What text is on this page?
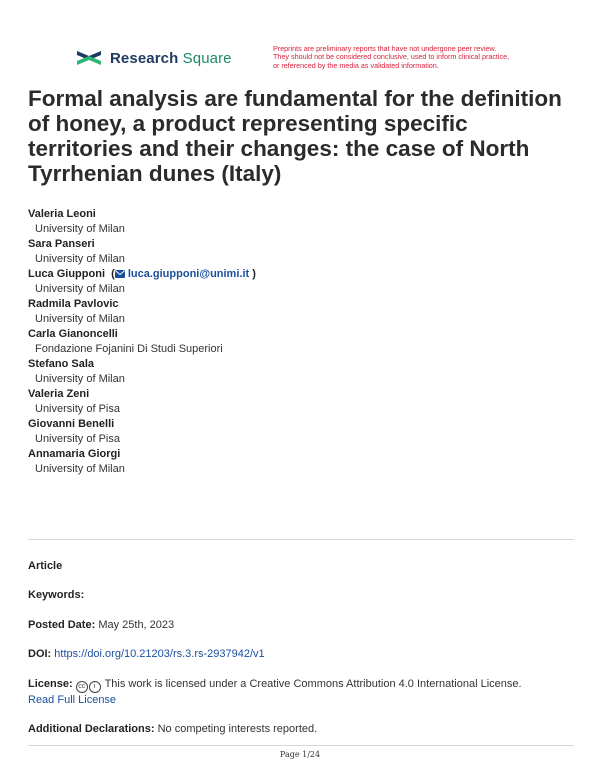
Research Square
Preprints are preliminary reports that have not undergone peer review.
They should not be considered conclusive, used to inform clinical practice,
or referenced by the media as validated information.
Formal analysis are fundamental for the definition of honey, a product representing specific territories and their changes: the case of North Tyrrhenian dunes (Italy)
Valeria Leoni
University of Milan
Sara Panseri
University of Milan
Luca Giupponi  ( luca.giupponi@unimi.it )
University of Milan
Radmila Pavlovic
University of Milan
Carla Gianoncelli
Fondazione Fojanini Di Studi Superiori
Stefano Sala
University of Milan
Valeria Zeni
University of Pisa
Giovanni Benelli
University of Pisa
Annamaria Giorgi
University of Milan
Article
Keywords:
Posted Date: May 25th, 2023
DOI: https://doi.org/10.21203/rs.3.rs-2937942/v1
License: cc i This work is licensed under a Creative Commons Attribution 4.0 International License.
Read Full License
Additional Declarations: No competing interests reported.
Page 1/24
